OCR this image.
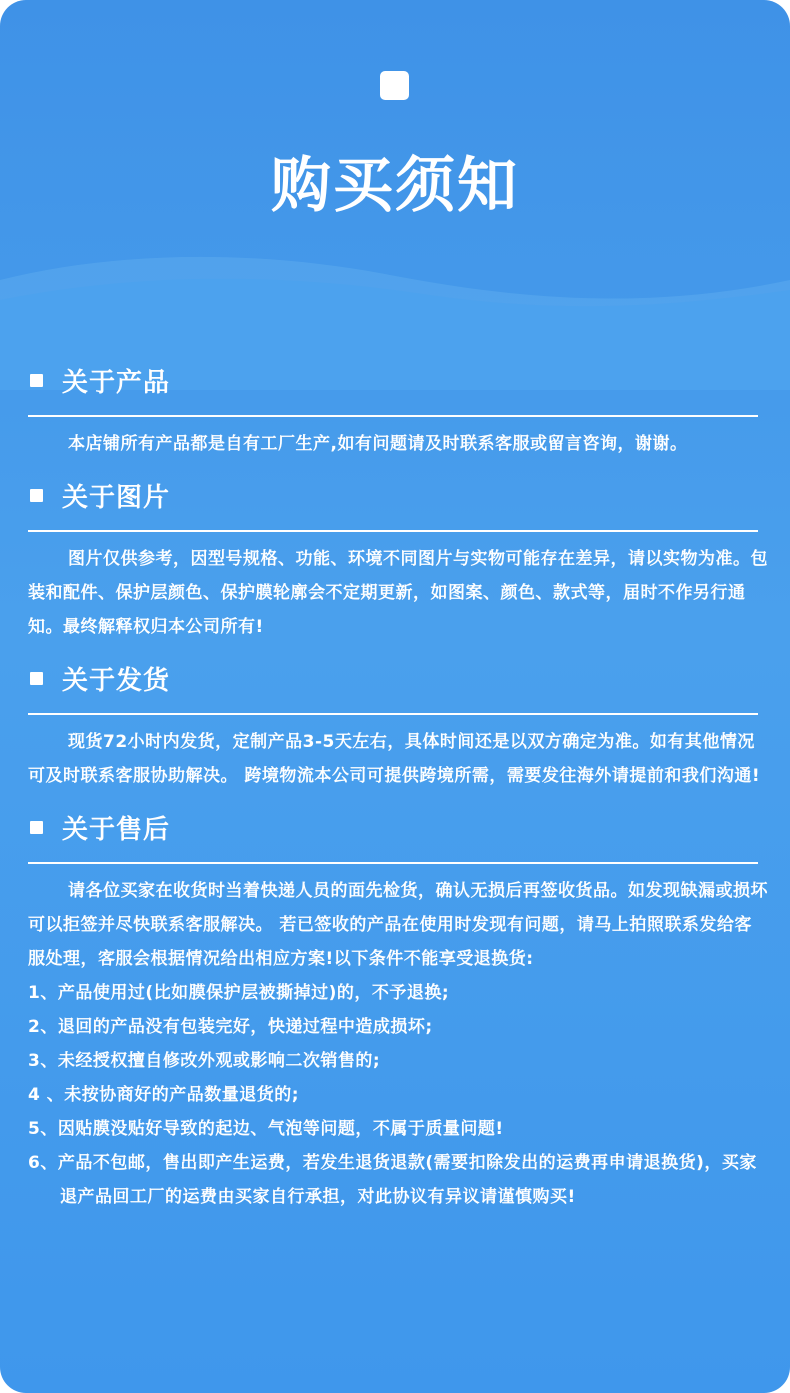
购买须知
关于产品
本店铺所有产品都是自有工厂生产,如有问题请及时联系客服或留言咨询，谢谢。
关于图片
图片仅供参考，因型号规格、功能、环境不同图片与实物可能存在差异，请以实物为准。包装和配件、保护层颜色、保护膜轮廓会不定期更新，如图案、颜色、款式等，届时不作另行通知。最终解释权归本公司所有!
关于发货
现货72小时内发货，定制产品3-5天左右，具体时间还是以双方确定为准。如有其他情况可及时联系客服协助解决。 跨境物流本公司可提供跨境所需，需要发往海外请提前和我们沟通!
关于售后
请各位买家在收货时当着快递人员的面先检货，确认无损后再签收货品。如发现缺漏或损坏可以拒签并尽快联系客服解决。 若已签收的产品在使用时发现有问题，请马上拍照联系发给客服处理，客服会根据情况给出相应方案!以下条件不能享受退换货:
1、产品使用过(比如膜保护层被撕掉过)的，不予退换;
2、退回的产品没有包装完好，快递过程中造成损坏;
3、未经授权擅自修改外观或影响二次销售的;
4 、未按协商好的产品数量退货的;
5、因贴膜没贴好导致的起边、气泡等问题，不属于质量问题!
6、产品不包邮，售出即产生运费，若发生退货退款(需要扣除发出的运费再申请退换货)，买家退产品回工厂的运费由买家自行承担，对此协议有异议请谨慎购买!
